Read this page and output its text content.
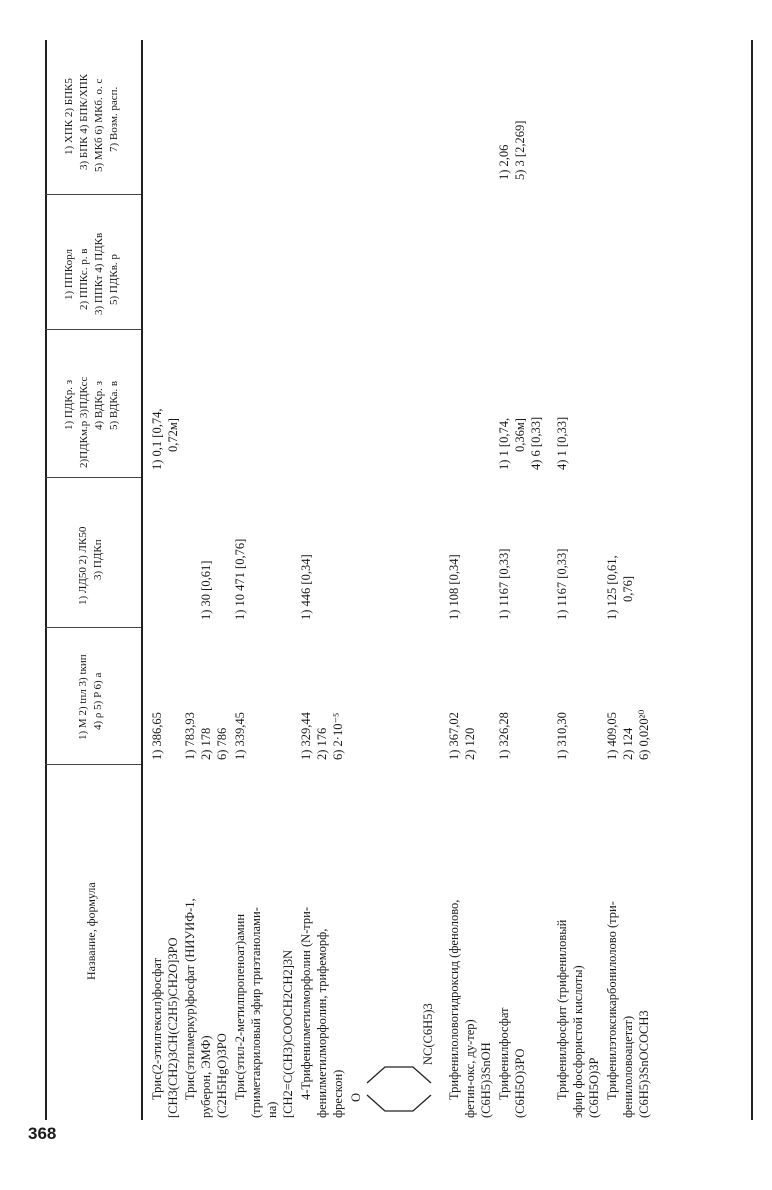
368
Название, формула
1) M 2) tпл 3) tкип 4) ρ 5) P 6) a
1) ЛД50 2) ЛК50 3) ПДКп
1) ПДКр. з 2)ПДКм.р 3)ПДКсс 4) ВДКр. з 5) ВДКа. в
1) ППКорл 2) ППКс. р. в 3) ППКт 4) ПДКв 5) ПДКв. р
1) ХПК 2) БПК5 3) БПК 4) БПК/ХПК 5) МКб 6) МКб. о. с 7) Возм. расп.
Трис(2-этилгексил)фосфат [CH3(CH2)3CH(C2H5)CH2O]3PO
1) 386,65
1) 0,1 [0,74, 0,72м]
Трис(этилмеркур)фосфат (НИУИФ-1, руберон, ЭМФ) (C2H5HgO)3PO
1) 783,93 2) 178 6) 786
1) 30 [0,61]
Трис(этил-2-метилпропеноат)амин (триметакриловый эфир триэтанолами- на) [CH2=C(CH3)COOCH2CH2]3N
1) 339,45
1) 10 471 [0,76]
4-Трифенилметилморфолин (N-три- фенилметилморфолин, трифеморф, фрескон)
1) 329,44 2) 176 6) 2·10⁻⁵
1) 446 [0,34]
O
NC(C6H5)3 Трифенилоловогидроксид (фенолово, фетин-окс, ду-тер) (C6H5)3SnOH
1) 367,02 2) 120
1) 108 [0,34]
Трифенилфосфат (C6H5O)3PO
1) 326,28
1) 1167 [0,33]
1) 1 [0,74, 0,36м] 4) 6 [0,33]
1) 2,06 5) 3 [2,269]
Трифенилфосфит (трифениловый эфир фосфористой кислоты) (C6H5O)3P
1) 310,30
1) 1167 [0,33]
4) 1 [0,33]
Трифенилэтоксикарбонилолово (три- фенилоловоацетат) (C6H5)3SnOCOCH3
1) 409,05 2) 124 6) 0,020²⁰
1) 125 [0,61, 0,76]
